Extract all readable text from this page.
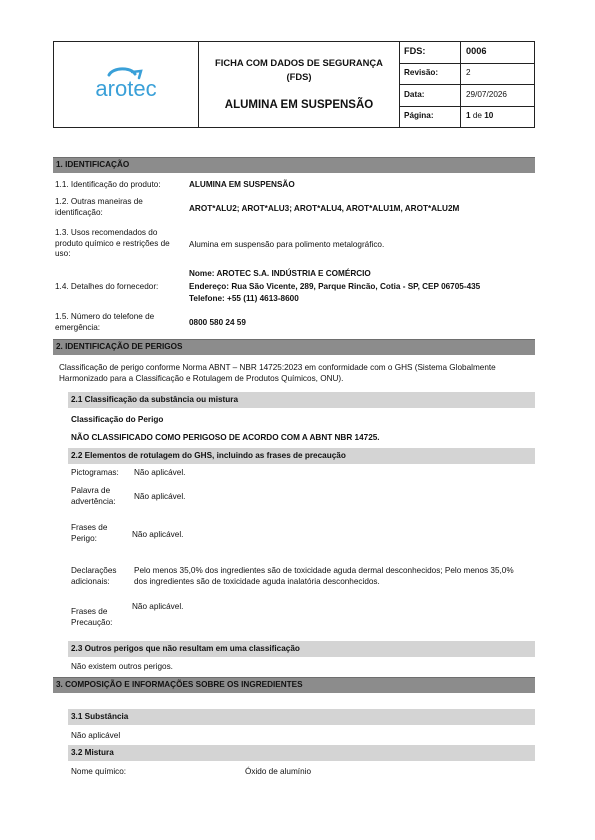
arotec
FICHA COM DADOS DE SEGURANÇA
(FDS)
ALUMINA EM SUSPENSÃO
FDS:	0006
Revisão:	2
Data:	29/07/2026
Página:	1
de
10
1. IDENTIFICAÇÃO
1.1. Identificação do produto:	ALUMINA EM SUSPENSÃO
1.2. Outras maneiras de identificação:	AROT*ALU2; AROT*ALU3; AROT*ALU4, AROT*ALU1M, AROT*ALU2M
1.3. Usos recomendados do produto químico e restrições de uso:
Alumina em suspensão para polimento metalográfico.
1.4. Detalhes do fornecedor:
Nome: AROTEC S.A. INDÚSTRIA E COMÉRCIO
Endereço: Rua São Vicente, 289, Parque Rincão, Cotia - SP, CEP 06705-435
Telefone: +55 (11) 4613-8600
1.5. Número do telefone de emergência:
0800 580 24 59
2. IDENTIFICAÇÃO DE PERIGOS
Classificação de perigo conforme Norma ABNT – NBR 14725:2023 em conformidade com o GHS (Sistema Globalmente Harmonizado para a Classificação e Rotulagem de Produtos Químicos, ONU).
2.1 Classificação da substância ou mistura
Classificação do Perigo
NÃO CLASSIFICADO COMO PERIGOSO DE ACORDO COM A ABNT NBR 14725.
2.2 Elementos de rotulagem do GHS, incluindo as frases de precaução
Pictogramas:	Não aplicável.
Palavra de advertência:
Não aplicável.
Frases de Perigo:	Não aplicável.
Declarações adicionais:
Pelo menos 35,0% dos ingredientes são de toxicidade aguda dermal desconhecidos; Pelo menos 35,0% dos ingredientes são de toxicidade aguda inalatória desconhecidos.
Frases de Precaução:
Não aplicável.
2.3 Outros perigos que não resultam em uma classificação
Não existem outros perigos.
3. COMPOSIÇÃO E INFORMAÇÕES SOBRE OS INGREDIENTES
3.1 Substância
Não aplicável
3.2 Mistura
Nome químico:	Óxido de alumínio
